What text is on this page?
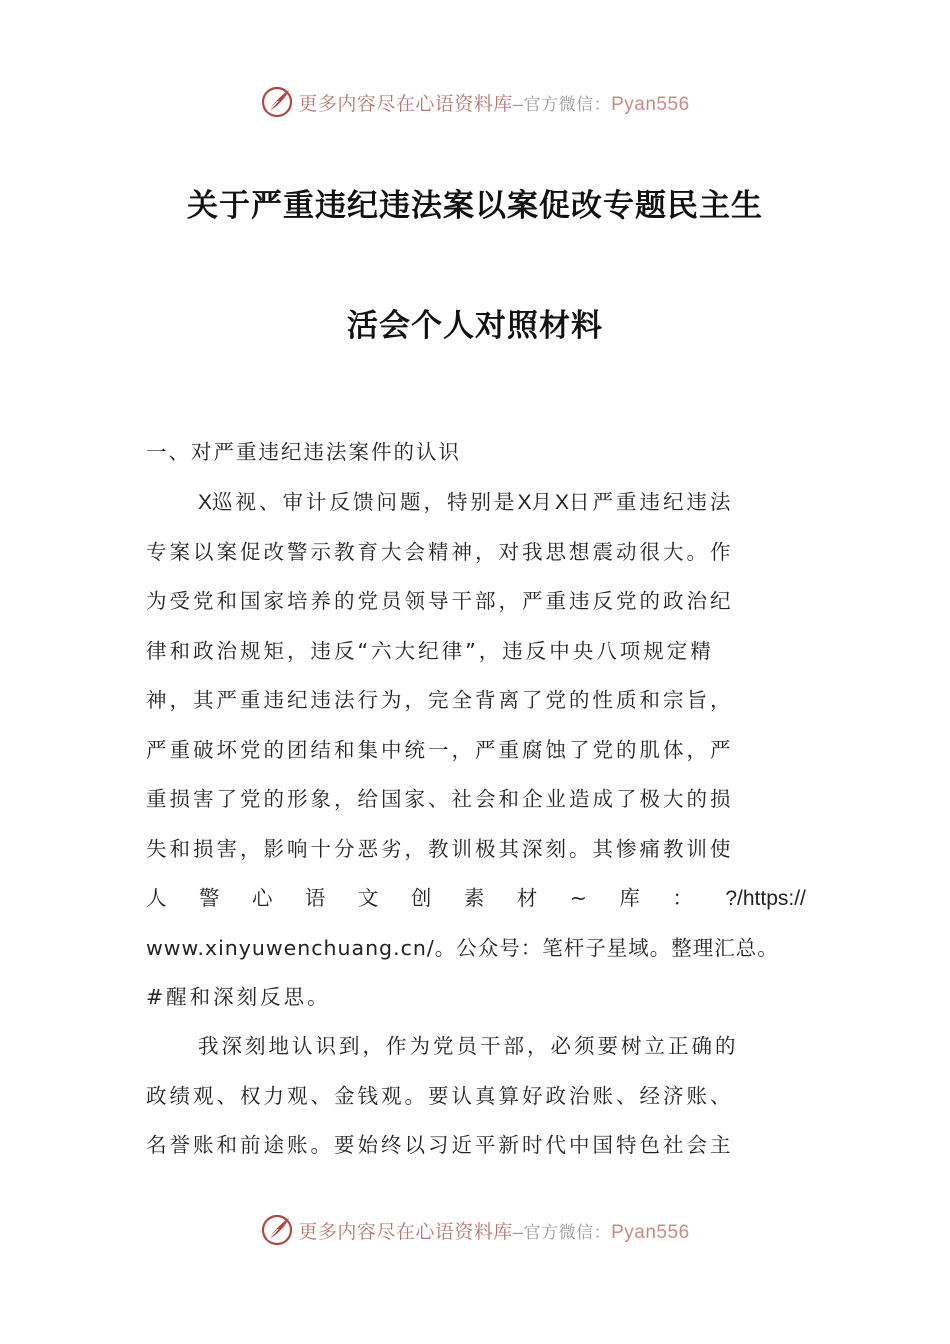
更多内容尽在心语资料库—官方微信：Pyan556
关于严重违纪违法案以案促改专题民主生
活会个人对照材料
一、对严重违纪违法案件的认识
X巡视、审计反馈问题，特别是X月X日严重违纪违法
专案以案促改警示教育大会精神，对我思想震动很大。作
为受党和国家培养的党员领导干部，严重违反党的政治纪
律和政治规矩，违反“六大纪律”，违反中央八项规定精
神，其严重违纪违法行为，完全背离了党的性质和宗旨，
严重破坏党的团结和集中统一，严重腐蚀了党的肌体，严
重损害了党的形象，给国家、社会和企业造成了极大的损
失和损害，影响十分恶劣，教训极其深刻。其惨痛教训使
人 警 心 语 文 创 素 材 ~ 库 ： ?/https://
www.xinyuwenchuang.cn/。公众号：笔杆子星域。整理汇总。
#醒和深刻反思。
我深刻地认识到，作为党员干部，必须要树立正确的
政绩观、权力观、金钱观。要认真算好政治账、经济账、
名誉账和前途账。要始终以习近平新时代中国特色社会主
更多内容尽在心语资料库—官方微信：Pyan556
